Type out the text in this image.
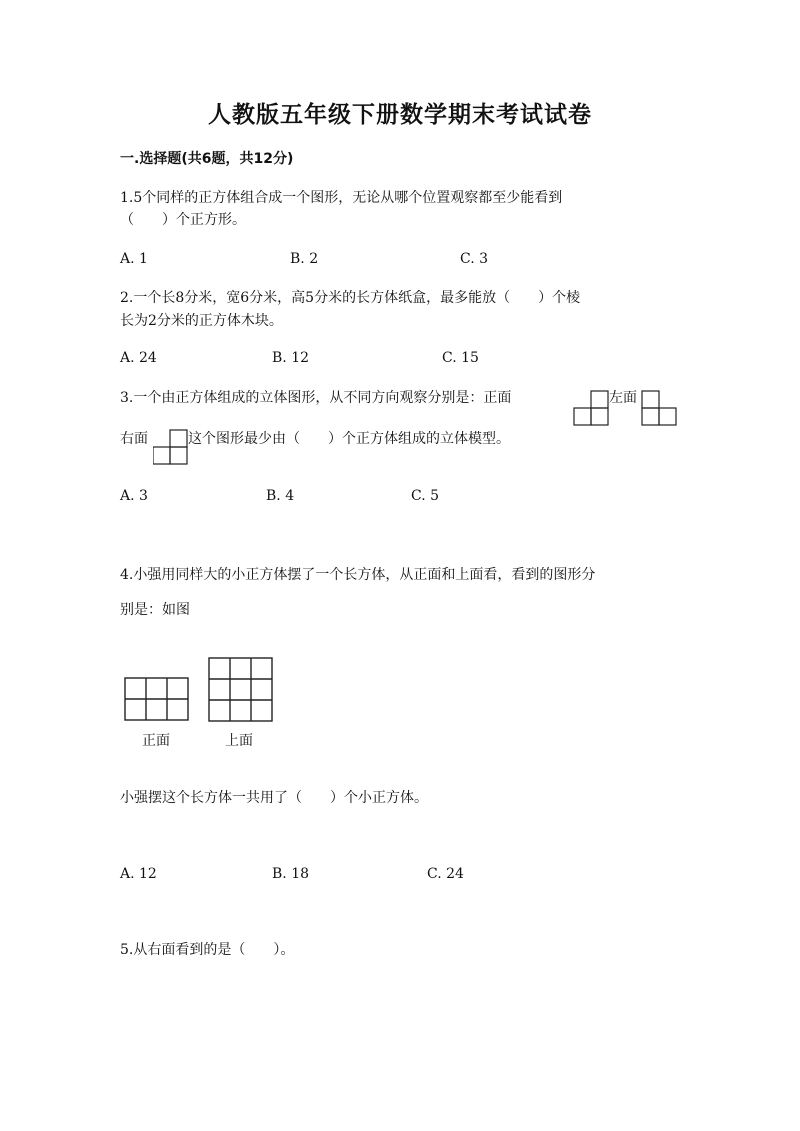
人教版五年级下册数学期末考试试卷
一.选择题(共6题，共12分)
1.5个同样的正方体组合成一个图形，无论从哪个位置观察都至少能看到
（　　）个正方形。
A. 1	B. 2	C. 3
2.一个长8分米，宽6分米，高5分米的长方体纸盒，最多能放（　　）个棱
长为2分米的正方体木块。
A. 24	B. 12	C. 15
3.一个由正方体组成的立体图形，从不同方向观察分别是：正面	左面
右面	这个图形最少由（　　）个正方体组成的立体模型。
A. 3	B. 4	C. 5
4.小强用同样大的小正方体摆了一个长方体，从正面和上面看，看到的图形分
别是：如图
正面	上面
小强摆这个长方体一共用了（　　）个小正方体。
A. 12	B. 18	C. 24
5.从右面看到的是（　　）。
